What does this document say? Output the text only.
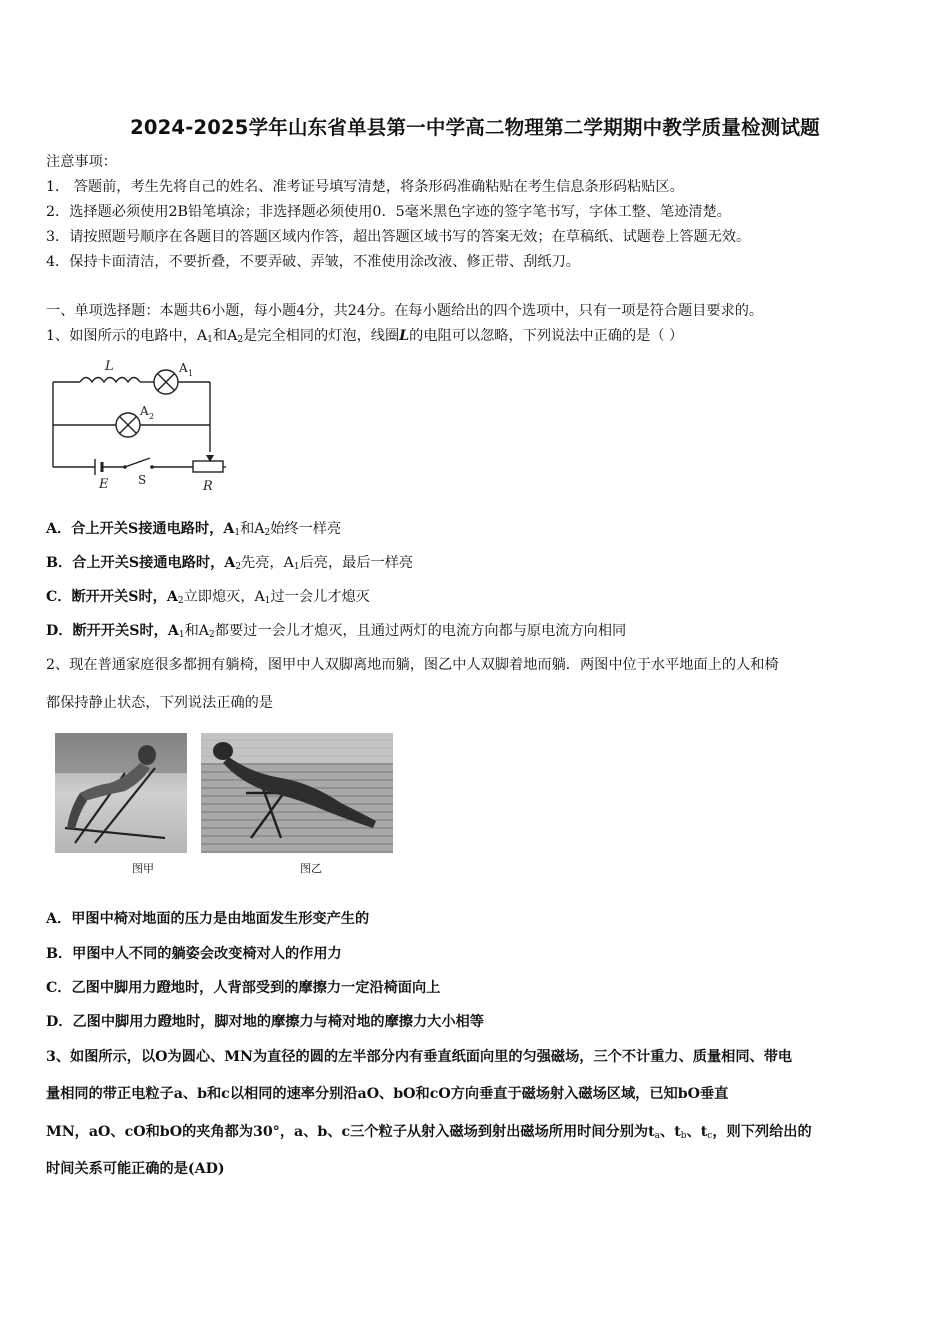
2024-2025学年山东省单县第一中学高二物理第二学期期中教学质量检测试题
注意事项：
1． 答题前，考生先将自己的姓名、准考证号填写清楚，将条形码准确粘贴在考生信息条形码粘贴区。
2．选择题必须使用2B铅笔填涂；非选择题必须使用0．5毫米黑色字迹的签字笔书写，字体工整、笔迹清楚。
3．请按照题号顺序在各题目的答题区域内作答，超出答题区域书写的答案无效；在草稿纸、试题卷上答题无效。
4．保持卡面清洁，不要折叠，不要弄破、弄皱，不准使用涂改液、修正带、刮纸刀。
一、单项选择题：本题共6小题，每小题4分，共24分。在每小题给出的四个选项中，只有一项是符合题目要求的。
1、如图所示的电路中，$A_1$和$A_2$是完全相同的灯泡，线圈L的电阻可以忽略，下列说法中正确的是（ ）
L
E	R
A 1
A 2
S
A．合上开关S接通电路时，$A_1$和$A_2$始终一样亮
B．合上开关S接通电路时，$A_2$先亮，$A_1$后亮，最后一样亮
C．断开开关S时，$A_2$立即熄灭，$A_1$过一会儿才熄灭
D．断开开关S时，$A_1$和$A_2$都要过一会儿才熄灭，且通过两灯的电流方向都与原电流方向相同
2、现在普通家庭很多都拥有躺椅，图甲中人双脚离地而躺，图乙中人双脚着地而躺．两图中位于水平地面上的人和椅
都保持静止状态，下列说法正确的是
图甲	图乙
A．甲图中椅对地面的压力是由地面发生形变产生的
B．甲图中人不同的躺姿会改变椅对人的作用力
C．乙图中脚用力蹬地时，人背部受到的摩擦力一定沿椅面向上
D．乙图中脚用力蹬地时，脚对地的摩擦力与椅对地的摩擦力大小相等
3、如图所示，以O为圆心、MN为直径的圆的左半部分内有垂直纸面向里的匀强磁场，三个不计重力、质量相同、带电
量相同的带正电粒子a、b和c以相同的速率分别沿aO、bO和cO方向垂直于磁场射入磁场区域，已知bO垂直
MN，aO、cO和bO的夹角都为30°，a、b、c三个粒子从射入磁场到射出磁场所用时间分别为$t_a$、$t_b$、$t_c$，则下列给出的
时间关系可能正确的是(AD)
